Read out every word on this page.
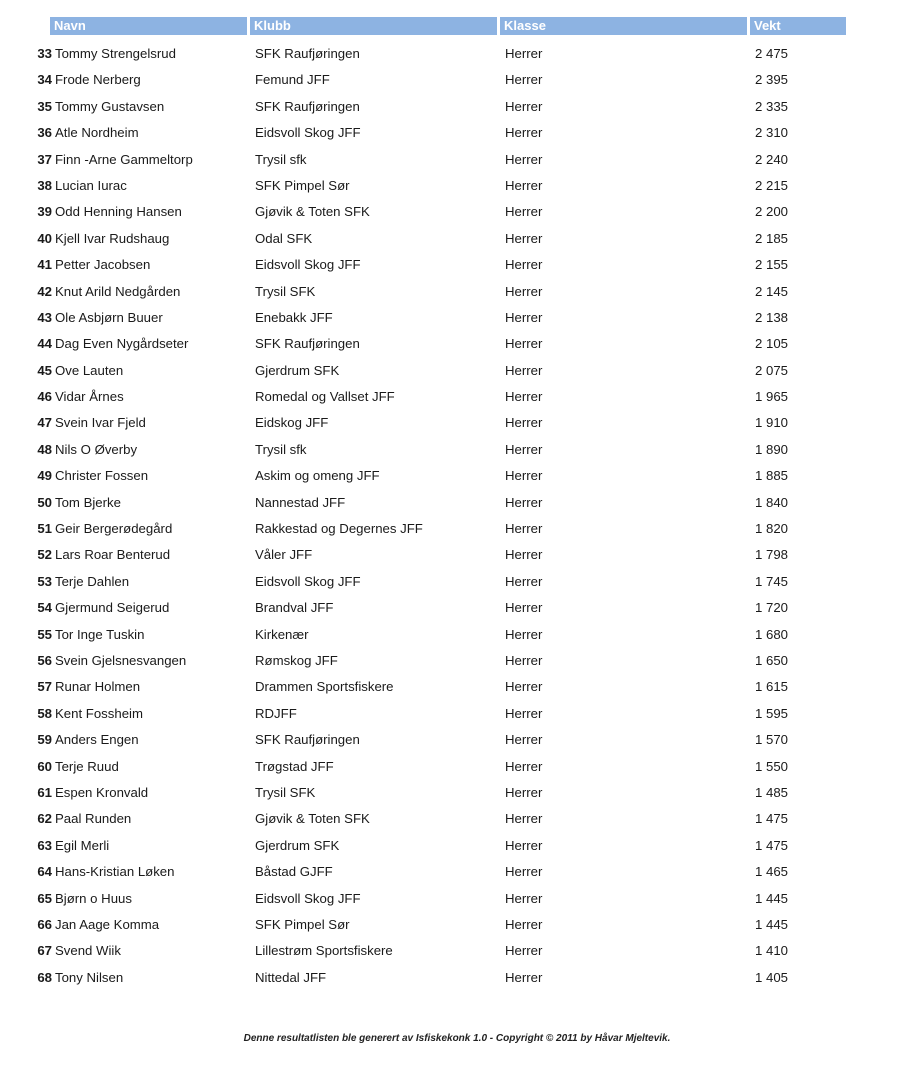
Navn	Klubb	Klasse	Vekt
33 Tommy Strengelsrud	SFK Raufjøringen	Herrer	2 475
34 Frode Nerberg	Femund JFF	Herrer	2 395
35 Tommy Gustavsen	SFK Raufjøringen	Herrer	2 335
36 Atle Nordheim	Eidsvoll Skog JFF	Herrer	2 310
37 Finn -Arne Gammeltorp	Trysil sfk	Herrer	2 240
38 Lucian Iurac	SFK Pimpel Sør	Herrer	2 215
39 Odd Henning Hansen	Gjøvik & Toten SFK	Herrer	2 200
40 Kjell Ivar Rudshaug	Odal SFK	Herrer	2 185
41 Petter Jacobsen	Eidsvoll Skog JFF	Herrer	2 155
42 Knut Arild Nedgården	Trysil SFK	Herrer	2 145
43 Ole Asbjørn Buuer	Enebakk JFF	Herrer	2 138
44 Dag Even Nygårdseter	SFK Raufjøringen	Herrer	2 105
45 Ove Lauten	Gjerdrum SFK	Herrer	2 075
46 Vidar Årnes	Romedal og Vallset JFF	Herrer	1 965
47 Svein Ivar Fjeld	Eidskog JFF	Herrer	1 910
48 Nils O Øverby	Trysil sfk	Herrer	1 890
49 Christer Fossen	Askim og omeng JFF	Herrer	1 885
50 Tom Bjerke	Nannestad JFF	Herrer	1 840
51 Geir Bergerødegård	Rakkestad og Degernes JFF	Herrer	1 820
52 Lars Roar Benterud	Våler JFF	Herrer	1 798
53 Terje Dahlen	Eidsvoll Skog JFF	Herrer	1 745
54 Gjermund Seigerud	Brandval JFF	Herrer	1 720
55 Tor Inge Tuskin	Kirkenær	Herrer	1 680
56 Svein Gjelsnesvangen	Rømskog JFF	Herrer	1 650
57 Runar Holmen	Drammen Sportsfiskere	Herrer	1 615
58 Kent Fossheim	RDJFF	Herrer	1 595
59 Anders Engen	SFK Raufjøringen	Herrer	1 570
60 Terje Ruud	Trøgstad JFF	Herrer	1 550
61 Espen Kronvald	Trysil SFK	Herrer	1 485
62 Paal Runden	Gjøvik & Toten SFK	Herrer	1 475
63 Egil Merli	Gjerdrum SFK	Herrer	1 475
64 Hans-Kristian Løken	Båstad GJFF	Herrer	1 465
65 Bjørn o Huus	Eidsvoll Skog JFF	Herrer	1 445
66 Jan Aage Komma	SFK Pimpel Sør	Herrer	1 445
67 Svend Wiik	Lillestrøm Sportsfiskere	Herrer	1 410
68 Tony Nilsen	Nittedal JFF	Herrer	1 405
Denne resultatlisten ble generert av Isfiskekonk 1.0 - Copyright © 2011 by Håvar Mjeltevik.
